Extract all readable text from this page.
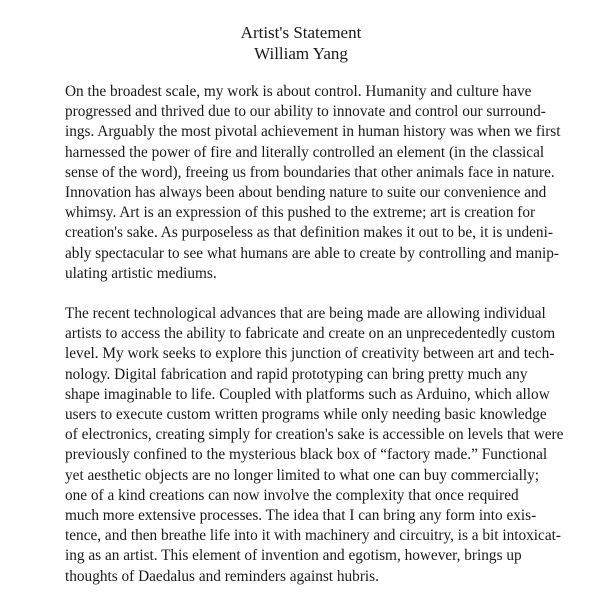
Artist's Statement
William Yang

On the broadest scale, my work is about control. Humanity and culture have
progressed and thrived due to our ability to innovate and control our surround-
ings. Arguably the most pivotal achievement in human history was when we first
harnessed the power of fire and literally controlled an element (in the classical
sense of the word), freeing us from boundaries that other animals face in nature.
Innovation has always been about bending nature to suite our convenience and
whimsy. Art is an expression of this pushed to the extreme; art is creation for
creation's sake. As purposeless as that definition makes it out to be, it is undeni-
ably spectacular to see what humans are able to create by controlling and manip-
ulating artistic mediums.

The recent technological advances that are being made are allowing individual
artists to access the ability to fabricate and create on an unprecedentedly custom
level. My work seeks to explore this junction of creativity between art and tech-
nology. Digital fabrication and rapid prototyping can bring pretty much any
shape imaginable to life. Coupled with platforms such as Arduino, which allow
users to execute custom written programs while only needing basic knowledge
of electronics, creating simply for creation's sake is accessible on levels that were
previously confined to the mysterious black box of “factory made.” Functional
yet aesthetic objects are no longer limited to what one can buy commercially;
one of a kind creations can now involve the complexity that once required
much more extensive processes. The idea that I can bring any form into exis-
tence, and then breathe life into it with machinery and circuitry, is a bit intoxicat-
ing as an artist. This element of invention and egotism, however, brings up
thoughts of Daedalus and reminders against hubris.
